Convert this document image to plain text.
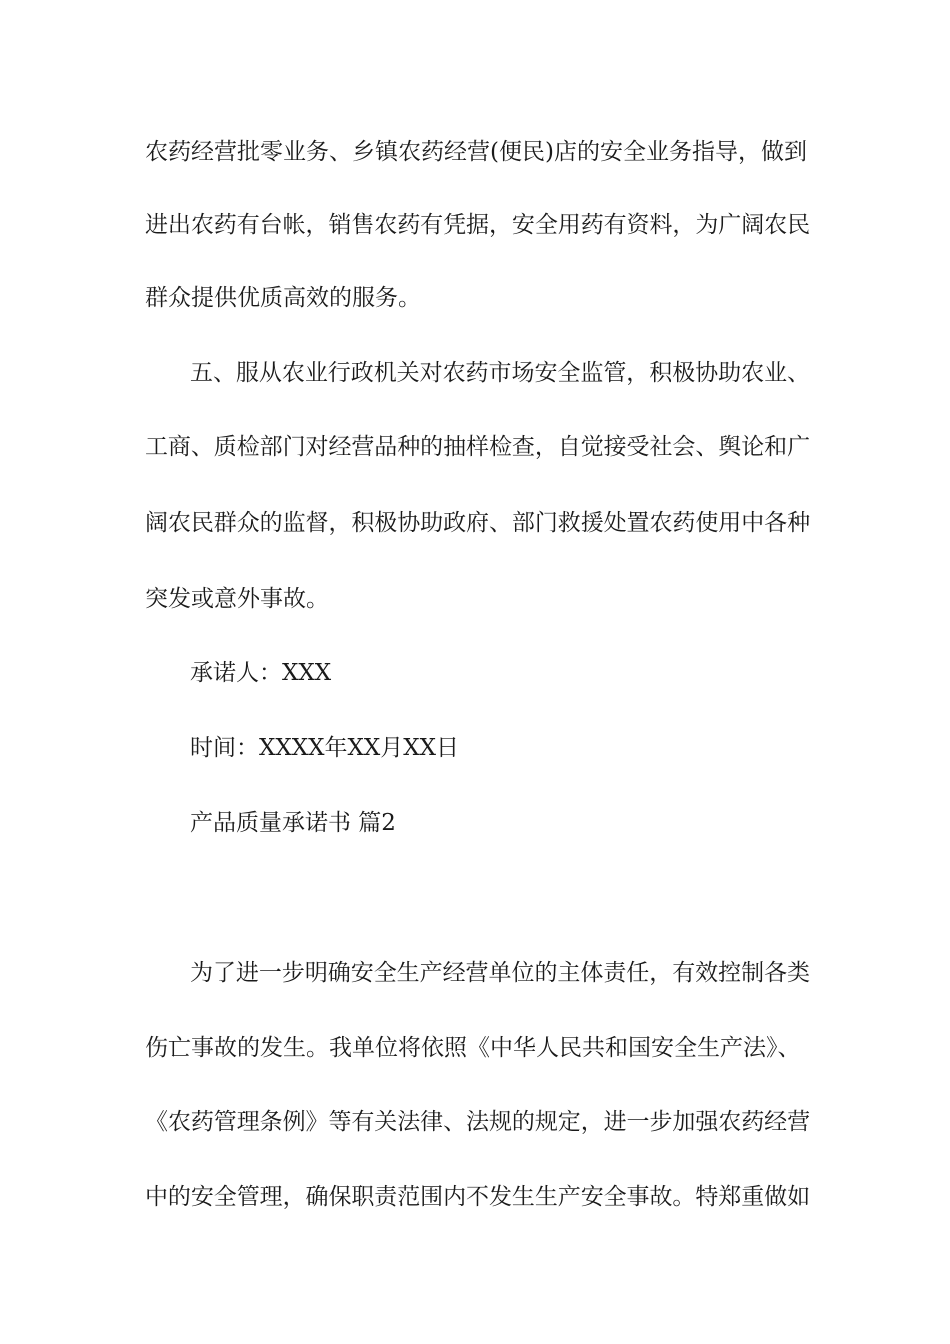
农药经营批零业务、乡镇农药经营(便民)店的安全业务指导，做到

进出农药有台帐，销售农药有凭据，安全用药有资料，为广阔农民

群众提供优质高效的服务。

五、服从农业行政机关对农药市场安全监管，积极协助农业、

工商、质检部门对经营品种的抽样检查，自觉接受社会、舆论和广

阔农民群众的监督，积极协助政府、部门救援处置农药使用中各种

突发或意外事故。

承诺人：XXX

时间：XXXX年XX月XX日

产品质量承诺书 篇2

为了进一步明确安全生产经营单位的主体责任，有效控制各类

伤亡事故的发生。我单位将依照《中华人民共和国安全生产法》、

《农药管理条例》等有关法律、法规的规定，进一步加强农药经营

中的安全管理，确保职责范围内不发生生产安全事故。特郑重做如
